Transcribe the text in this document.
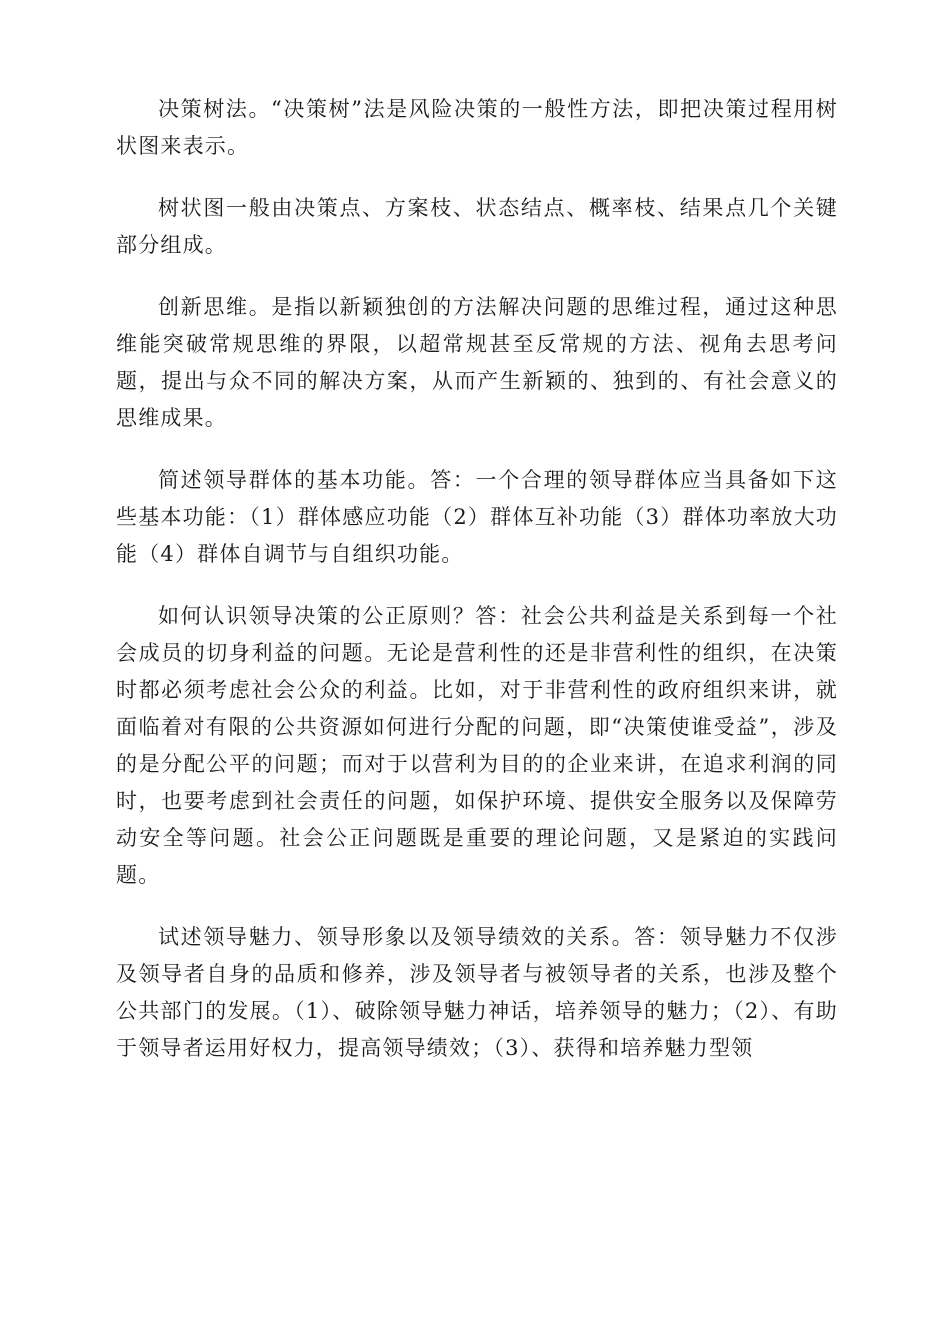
决策树法。“决策树”法是风险决策的一般性方法，即把决策过程用树状图来表示。

树状图一般由决策点、方案枝、状态结点、概率枝、结果点几个关键部分组成。

创新思维。是指以新颖独创的方法解决问题的思维过程，通过这种思维能突破常规思维的界限，以超常规甚至反常规的方法、视角去思考问题，提出与众不同的解决方案，从而产生新颖的、独到的、有社会意义的思维成果。

简述领导群体的基本功能。答：一个合理的领导群体应当具备如下这些基本功能：（1）群体感应功能（2）群体互补功能（3）群体功率放大功能（4）群体自调节与自组织功能。

如何认识领导决策的公正原则？答：社会公共利益是关系到每一个社会成员的切身利益的问题。无论是营利性的还是非营利性的组织，在决策时都必须考虑社会公众的利益。比如，对于非营利性的政府组织来讲，就面临着对有限的公共资源如何进行分配的问题，即“决策使谁受益”，涉及的是分配公平的问题；而对于以营利为目的的企业来讲，在追求利润的同时，也要考虑到社会责任的问题，如保护环境、提供安全服务以及保障劳动安全等问题。社会公正问题既是重要的理论问题，又是紧迫的实践问题。

试述领导魅力、领导形象以及领导绩效的关系。答：领导魅力不仅涉及领导者自身的品质和修养，涉及领导者与被领导者的关系，也涉及整个公共部门的发展。（1）、破除领导魅力神话，培养领导的魅力；（2）、有助于领导者运用好权力，提高领导绩效；（3）、获得和培养魅力型领
